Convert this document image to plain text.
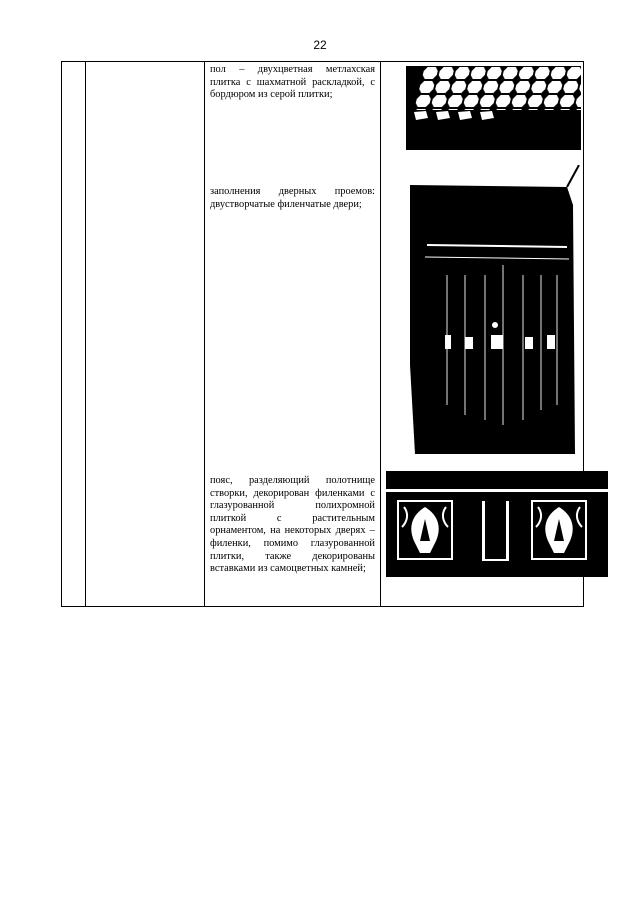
22
пол – двухцветная метлахская плитка с шахматной раскладкой, с бордюром из серой плитки;
заполнения дверных проемов: двустворчатые филенчатые двери;
пояс, разделяющий полотнище створки, декорирован филенками с глазурованной полихромной плиткой с растительным орнаментом, на некоторых дверях – филенки, помимо глазурованной плитки, также декорированы вставками из самоцветных камней;
